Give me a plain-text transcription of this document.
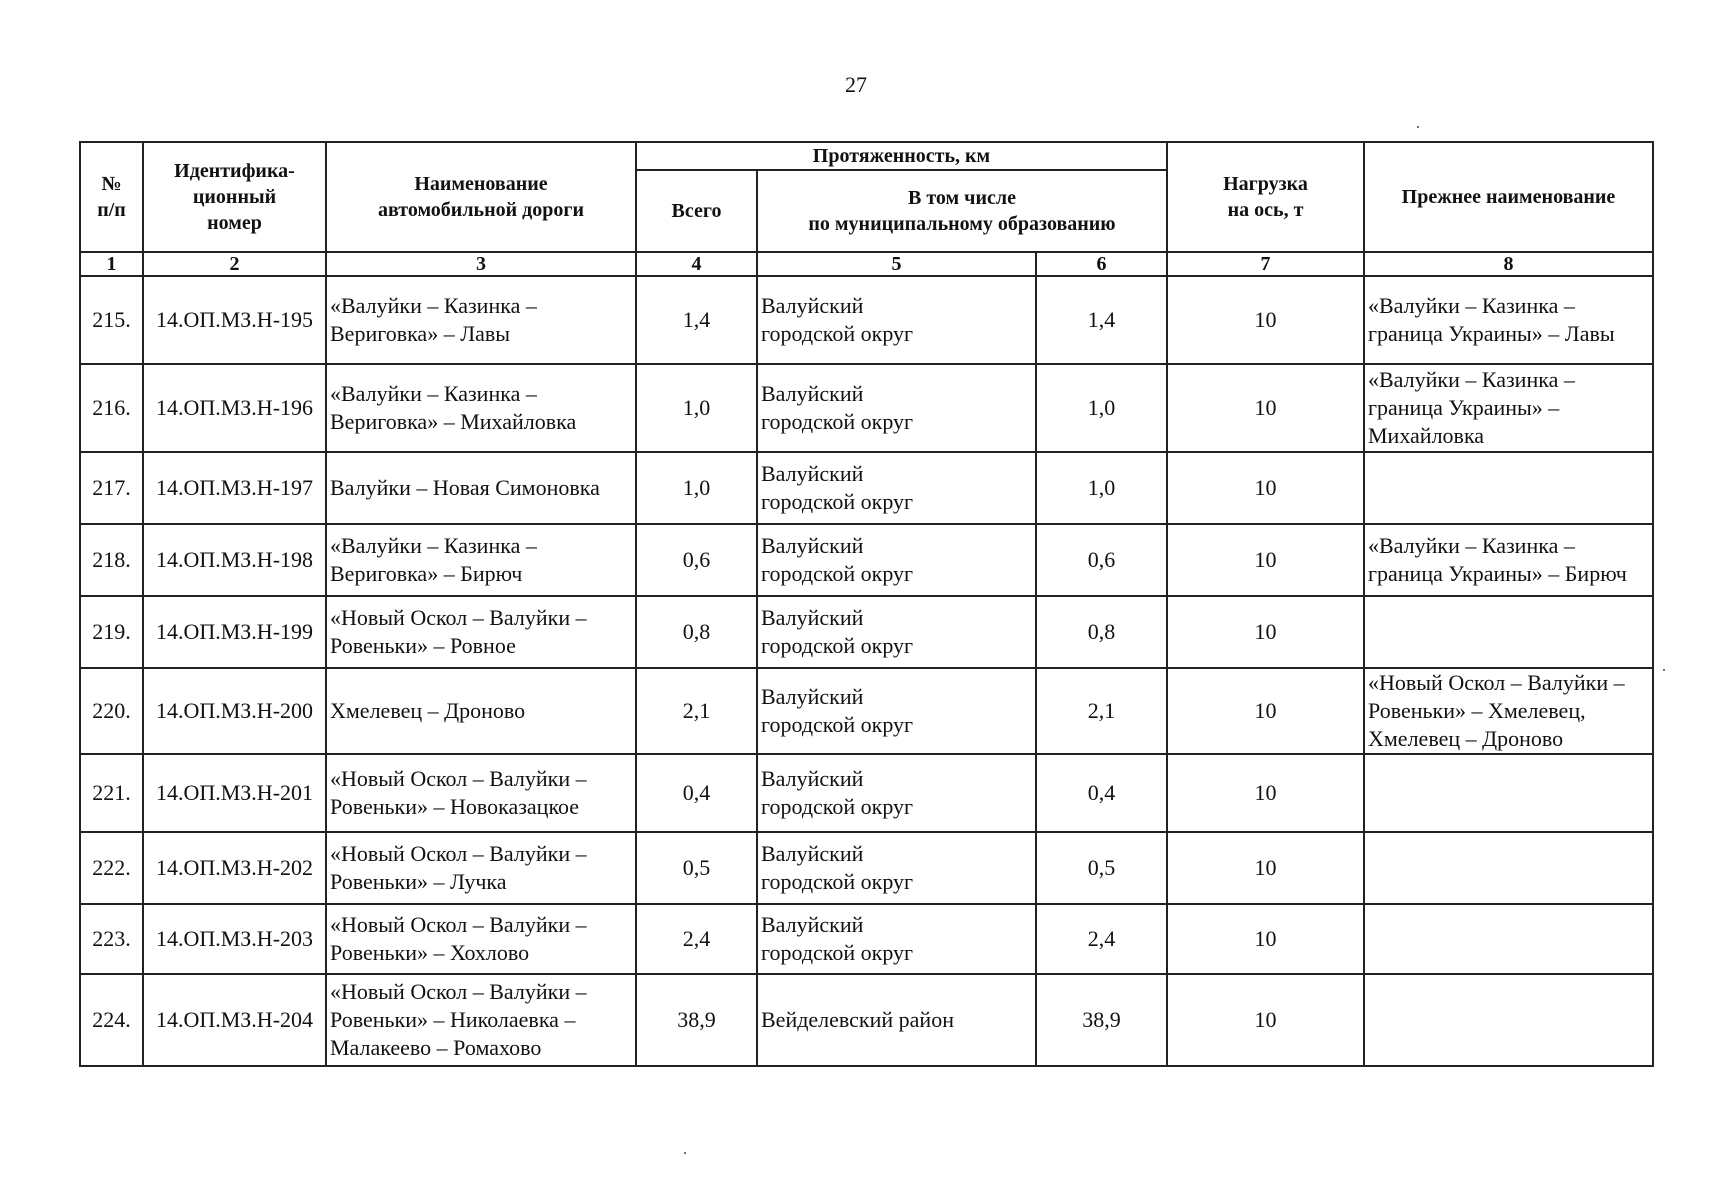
27
№
п/п	Идентифика-
ционный
номер	Наименование
автомобильной дороги	Протяженность, км			Нагрузка
на ось, т	Прежнее наименование
			Всего	В том числе
по муниципальному образованию			
1	2	3	4	5	6	7	8
215.	14.ОП.МЗ.Н-195	«Валуйки – Казинка –
Вериговка» – Лавы	1,4	Валуйский
городской округ	1,4	10	«Валуйки – Казинка –
граница Украины» – Лавы
216.	14.ОП.МЗ.Н-196	«Валуйки – Казинка –
Вериговка» – Михайловка	1,0	Валуйский
городской округ	1,0	10	«Валуйки – Казинка –
граница Украины» –
Михайловка
217.	14.ОП.МЗ.Н-197	Валуйки – Новая Симоновка	1,0	Валуйский
городской округ	1,0	10	
218.	14.ОП.МЗ.Н-198	«Валуйки – Казинка –
Вериговка» – Бирюч	0,6	Валуйский
городской округ	0,6	10	«Валуйки – Казинка –
граница Украины» – Бирюч
219.	14.ОП.МЗ.Н-199	«Новый Оскол – Валуйки –
Ровеньки» – Ровное	0,8	Валуйский
городской округ	0,8	10	
220.	14.ОП.МЗ.Н-200	Хмелевец – Дроново	2,1	Валуйский
городской округ	2,1	10	«Новый Оскол – Валуйки –
Ровеньки» – Хмелевец,
Хмелевец – Дроново
221.	14.ОП.МЗ.Н-201	«Новый Оскол – Валуйки –
Ровеньки» – Новоказацкое	0,4	Валуйский
городской округ	0,4	10	
222.	14.ОП.МЗ.Н-202	«Новый Оскол – Валуйки –
Ровеньки» – Лучка	0,5	Валуйский
городской округ	0,5	10	
223.	14.ОП.МЗ.Н-203	«Новый Оскол – Валуйки –
Ровеньки» – Хохлово	2,4	Валуйский
городской округ	2,4	10	
224.	14.ОП.МЗ.Н-204	«Новый Оскол – Валуйки –
Ровеньки» – Николаевка –
Малакеево – Ромахово	38,9	Вейделевский район	38,9	10	
